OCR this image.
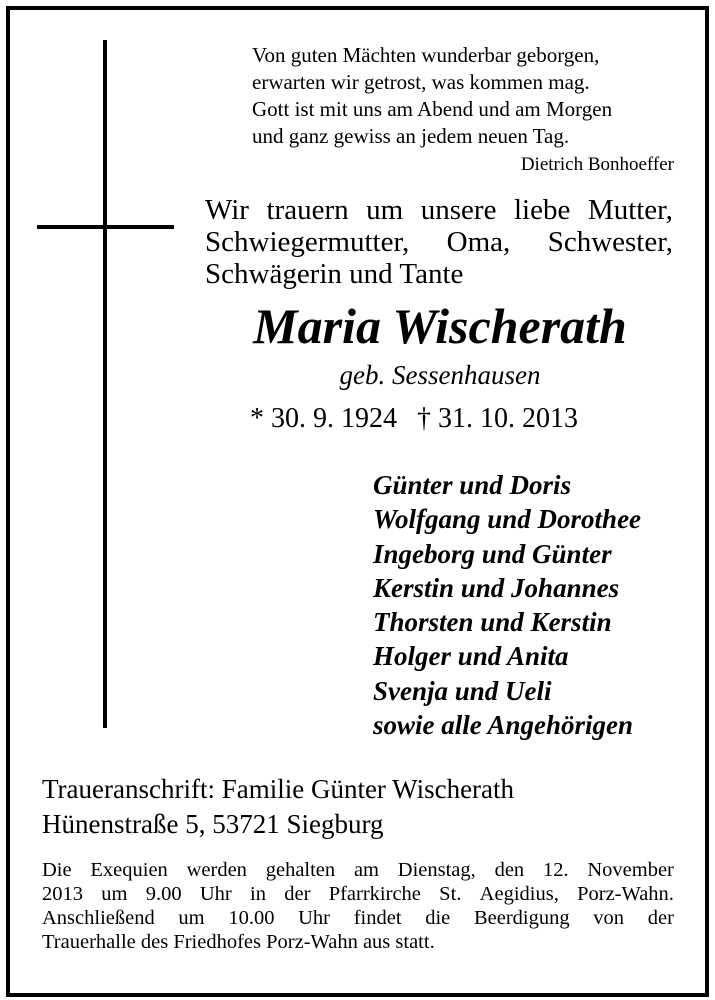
Von guten Mächten wunderbar geborgen,
erwarten wir getrost, was kommen mag.
Gott ist mit uns am Abend und am Morgen
und ganz gewiss an jedem neuen Tag.
Dietrich Bonhoeffer
Wir trauern um unsere liebe Mutter,
Schwiegermutter, Oma, Schwester,
Schwägerin und Tante
Maria Wischerath
geb. Sessenhausen
* 30. 9. 1924 † 31. 10. 2013
Günter und Doris
Wolfgang und Dorothee
Ingeborg und Günter
Kerstin und Johannes
Thorsten und Kerstin
Holger und Anita
Svenja und Ueli
sowie alle Angehörigen
Traueranschrift: Familie Günter Wischerath
Hünenstraße 5, 53721 Siegburg
Die Exequien werden gehalten am Dienstag, den 12. November
2013 um 9.00 Uhr in der Pfarrkirche St. Aegidius, Porz-Wahn.
Anschließend um 10.00 Uhr findet die Beerdigung von der
Trauerhalle des Friedhofes Porz-Wahn aus statt.
